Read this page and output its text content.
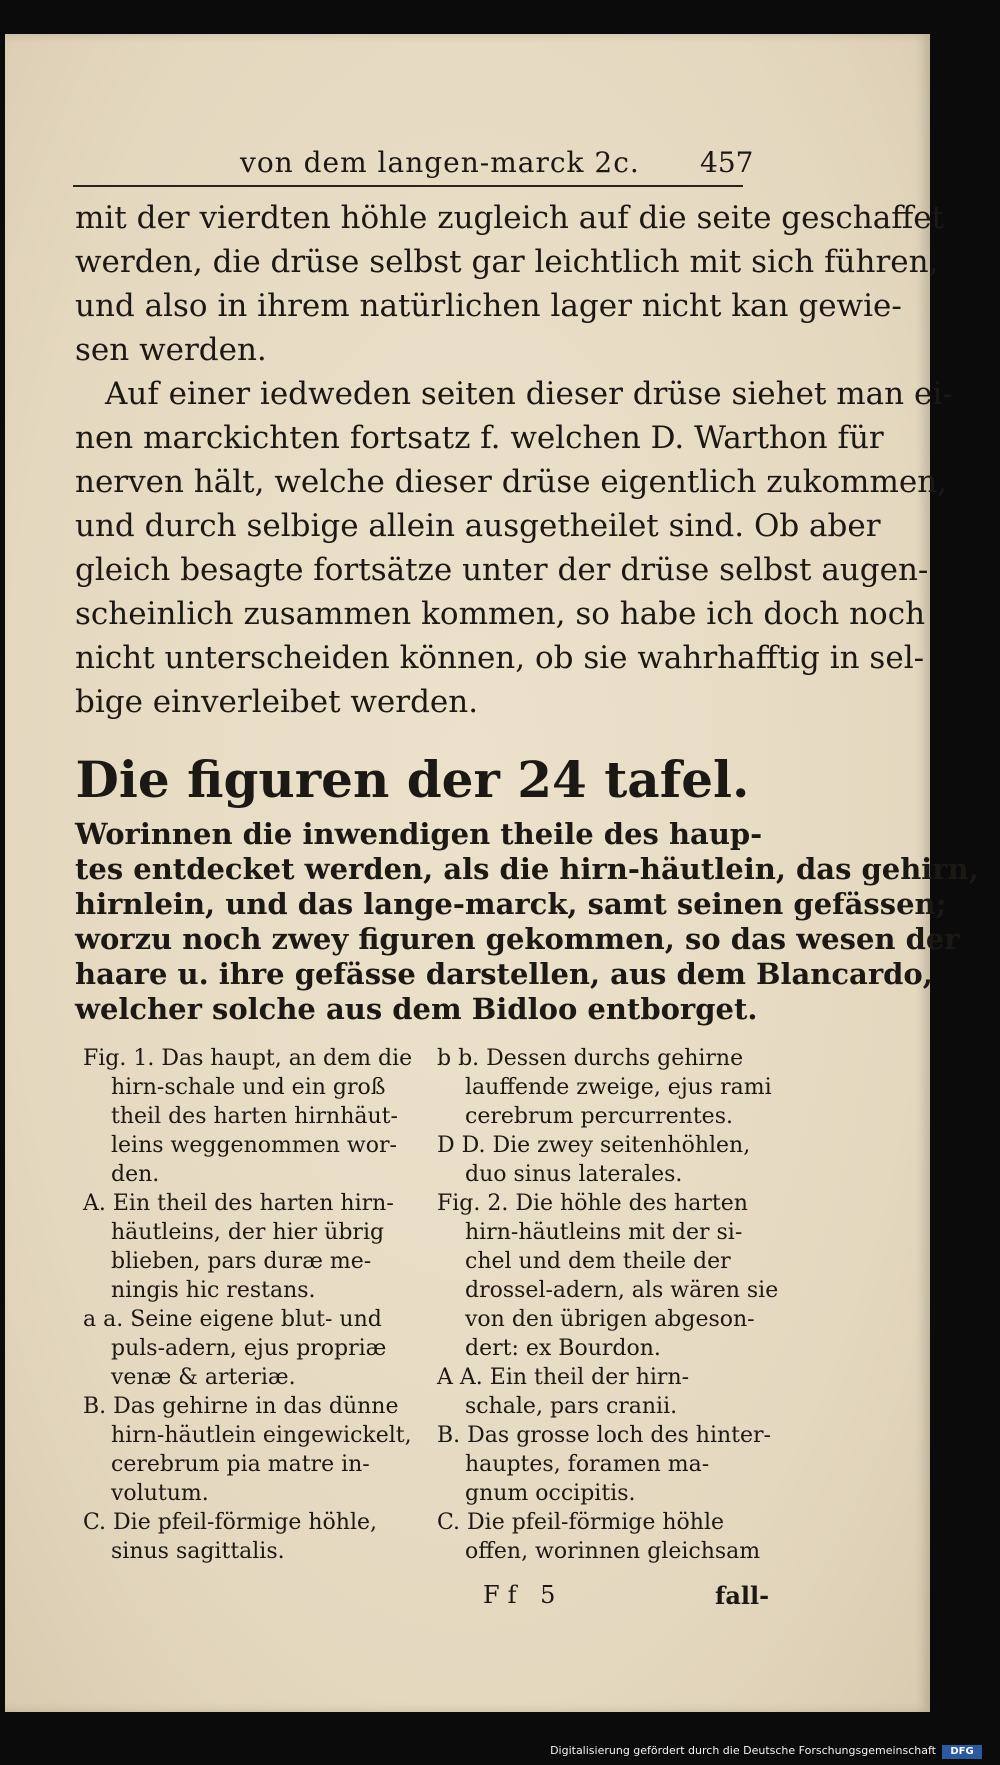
von dem langen-marck 2c. 457
mit der vierdten höhle zugleich auf die seite geschaffet
werden, die drüse selbst gar leichtlich mit sich führen,
und also in ihrem natürlichen lager nicht kan gewie-
sen werden.
Auf einer iedweden seiten dieser drüse siehet man ei-
nen marckichten fortsatz f. welchen D. Warthon für
nerven hält, welche dieser drüse eigentlich zukommen,
und durch selbige allein ausgetheilet sind. Ob aber
gleich besagte fortsätze unter der drüse selbst augen-
scheinlich zusammen kommen, so habe ich doch noch
nicht unterscheiden können, ob sie wahrhafftig in sel-
bige einverleibet werden.
Die figuren der 24 tafel.
Worinnen die inwendigen theile des haup-
tes entdecket werden, als die hirn-häutlein, das gehirn,
hirnlein, und das lange-marck, samt seinen gefässen;
worzu noch zwey figuren gekommen, so das wesen der
haare u. ihre gefässe darstellen, aus dem Blancardo,
welcher solche aus dem Bidloo entborget.
Fig. 1. Das haupt, an dem die
hirn-schale und ein groß
theil des harten hirnhäut-
leins weggenommen wor-
den.
A. Ein theil des harten hirn-
häutleins, der hier übrig
blieben, pars duræ me-
ningis hic restans.
a a. Seine eigene blut- und
puls-adern, ejus propriæ
venæ & arteriæ.
B. Das gehirne in das dünne
hirn-häutlein eingewickelt,
cerebrum pia matre in-
volutum.
C. Die pfeil-förmige höhle,
sinus sagittalis.
b b. Dessen durchs gehirne
lauffende zweige, ejus rami
cerebrum percurrentes.
D D. Die zwey seitenhöhlen,
duo sinus laterales.
Fig. 2. Die höhle des harten
hirn-häutleins mit der si-
chel und dem theile der
drossel-adern, als wären sie
von den übrigen abgeson-
dert: ex Bourdon.
A A. Ein theil der hirn-
schale, pars cranii.
B. Das grosse loch des hinter-
hauptes, foramen ma-
gnum occipitis.
C. Die pfeil-förmige höhle
offen, worinnen gleichsam
Ff 5	fall-
Digitalisierung gefördert durch die Deutsche Forschungsgemeinschaft	DFG
